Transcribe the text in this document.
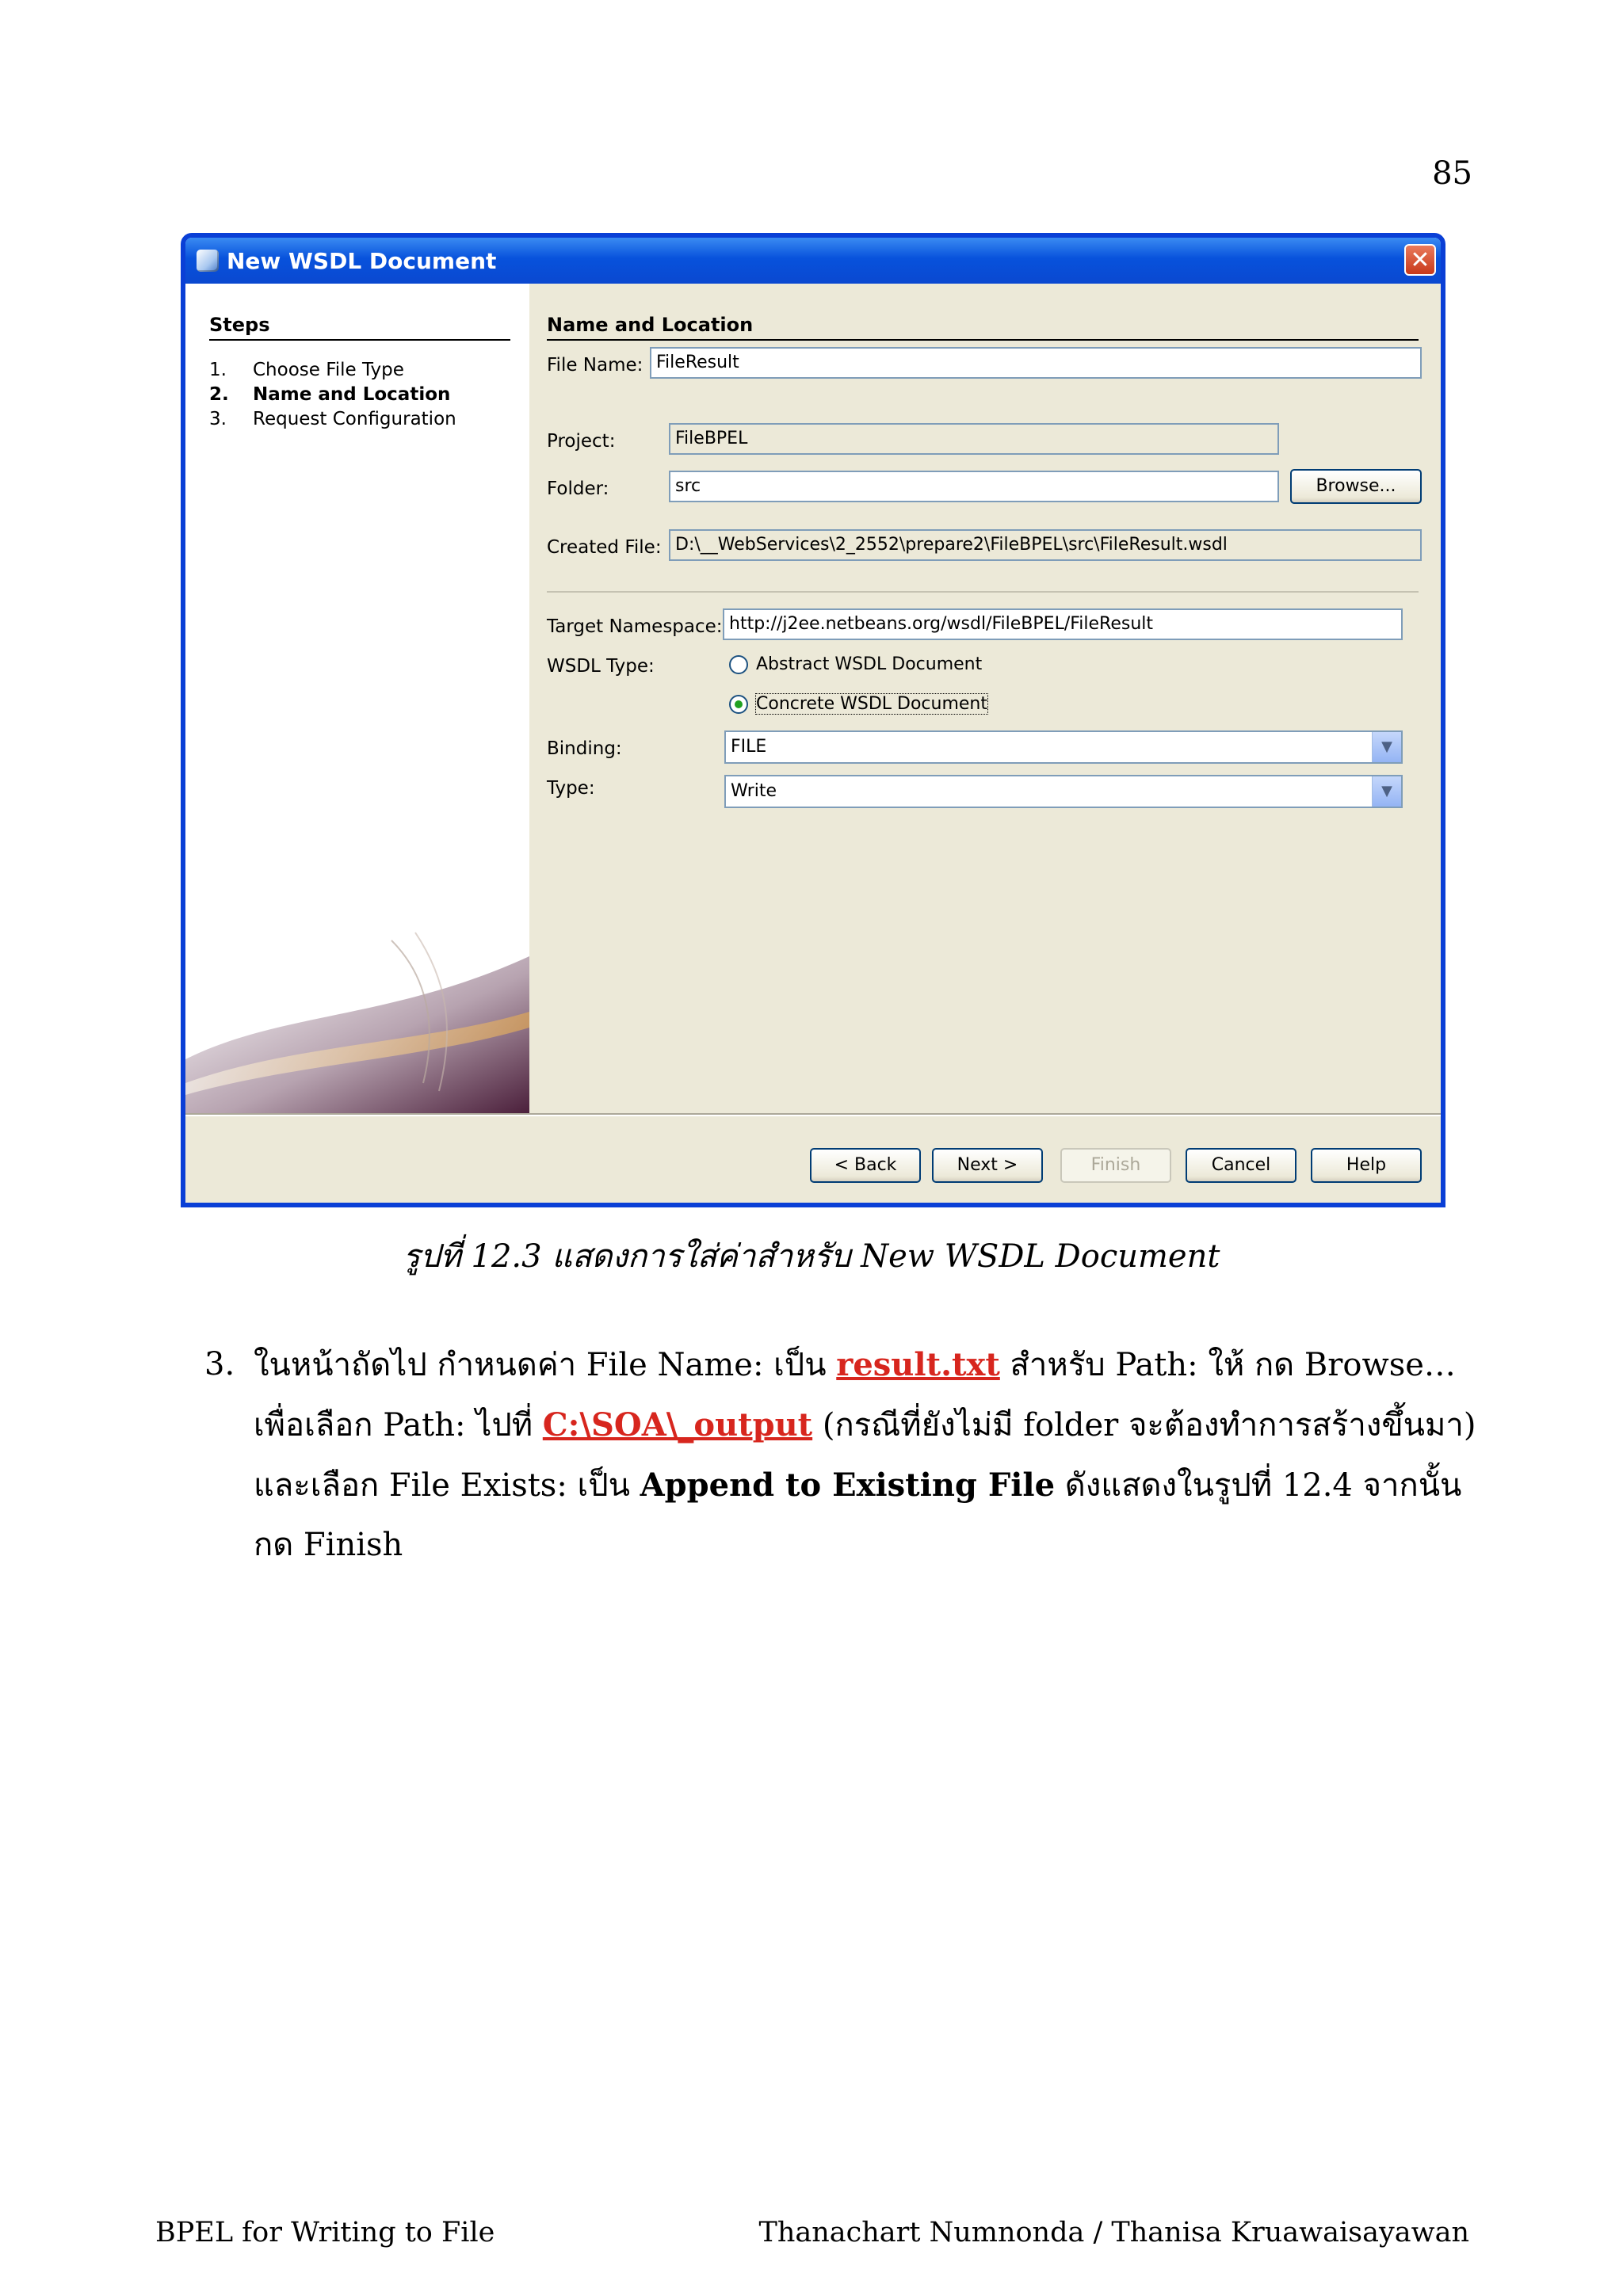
85
New WSDL Document	✕
Steps
1.	Choose File Type
2.	Name and Location
3.	Request Configuration
Name and Location
File Name: FileResult
Project:	FileBPEL
Folder:	src	Browse...
Created File: D:\__WebServices\2_2552\prepare2\FileBPEL\src\FileResult.wsdl
Target Namespace: http://j2ee.netbeans.org/wsdl/FileBPEL/FileResult
WSDL Type:	Abstract WSDL Document
Concrete WSDL Document
Binding:	FILE	▼
Type:	Write	▼
< Back	Next >	Finish	Cancel	Help
รูปที่ 12.3 แสดงการใส่ค่าสำหรับ New WSDL Document
3. ในหน้าถัดไป กำหนดค่า File Name: เป็น result.txt สำหรับ Path: ให้ กด Browse… เพื่อเลือก Path: ไปที่ C:\SOA\_output (กรณีที่ยังไม่มี folder จะต้องทำการสร้างขึ้นมา) และเลือก File Exists: เป็น Append to Existing File ดังแสดงในรูปที่ 12.4 จากนั้นกด Finish
BPEL for Writing to File	Thanachart Numnonda / Thanisa Kruawaisayawan
